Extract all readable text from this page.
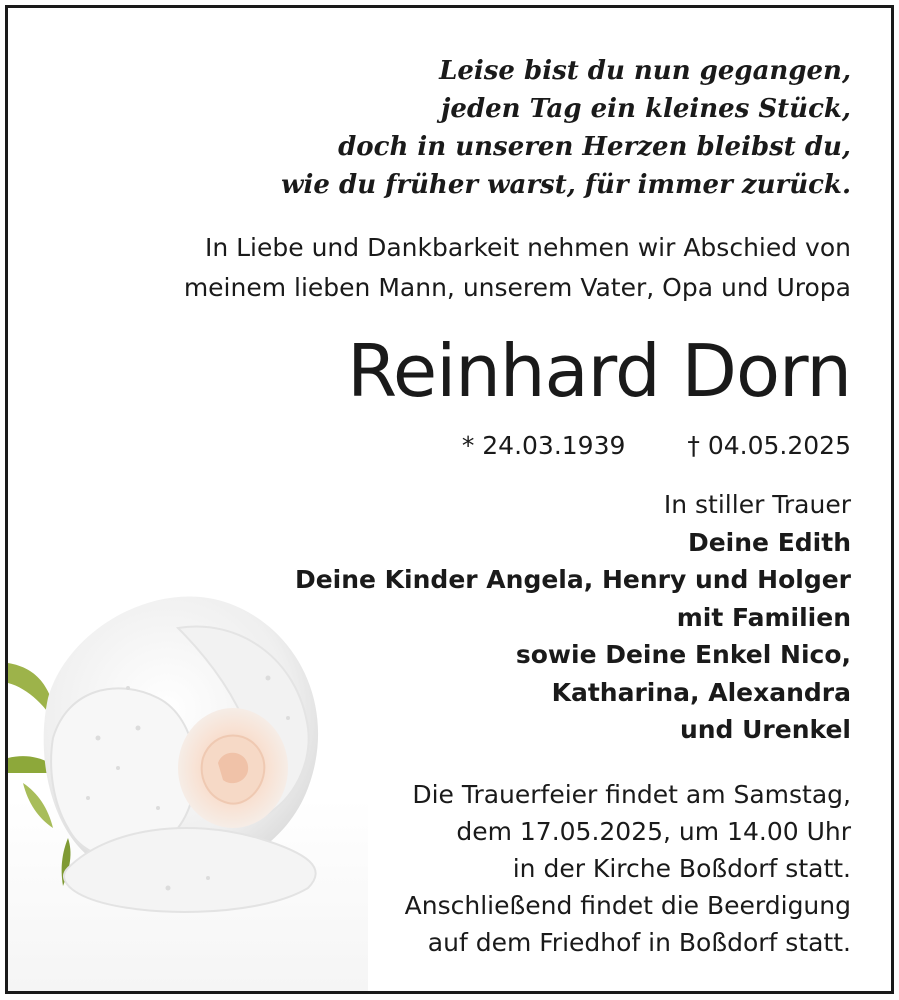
Leise bist du nun gegangen,
jeden Tag ein kleines Stück,
doch in unseren Herzen bleibst du,
wie du früher warst, für immer zurück.
In Liebe und Dankbarkeit nehmen wir Abschied von
meinem lieben Mann, unserem Vater, Opa und Uropa
Reinhard Dorn
* 24.03.1939 † 04.05.2025
In stiller Trauer
Deine Edith
Deine Kinder Angela, Henry und Holger
mit Familien
sowie Deine Enkel Nico,
Katharina, Alexandra
und Urenkel
Die Trauerfeier findet am Samstag,
dem 17.05.2025, um 14.00 Uhr
in der Kirche Boßdorf statt.
Anschließend findet die Beerdigung
auf dem Friedhof in Boßdorf statt.
